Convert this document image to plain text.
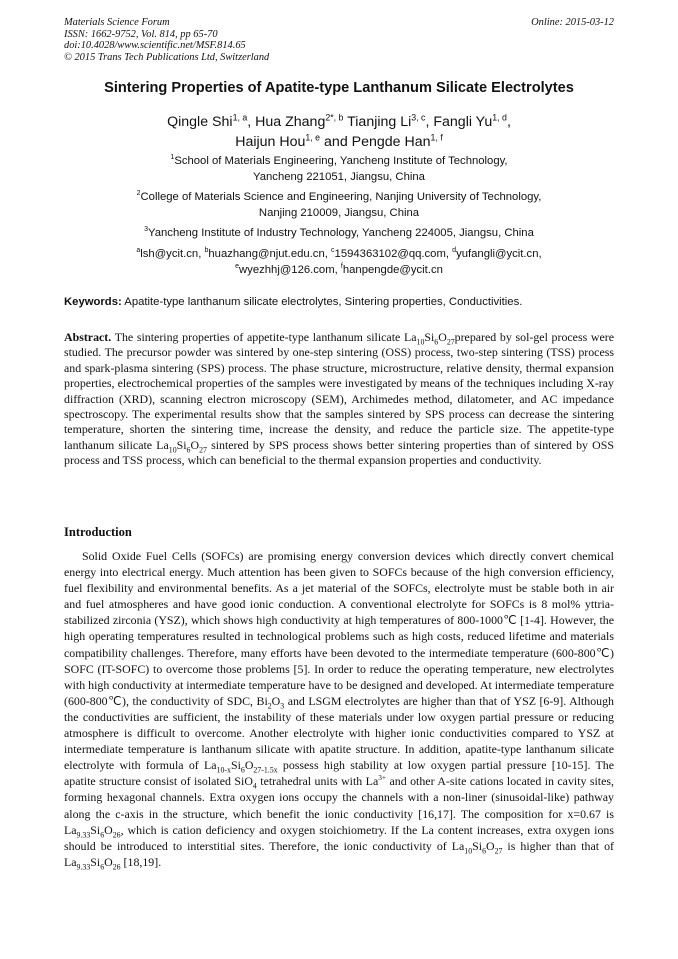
Materials Science Forum
ISSN: 1662-9752, Vol. 814, pp 65-70
doi:10.4028/www.scientific.net/MSF.814.65
© 2015 Trans Tech Publications Ltd, Switzerland
Online: 2015-03-12
Sintering Properties of Apatite-type Lanthanum Silicate Electrolytes
Qingle Shi$^{1, a}$, Hua Zhang$^{2*, b}$ Tianjing Li$^{3, c}$, Fangli Yu$^{1, d}$,
Haijun Hou$^{1, e}$ and Pengde Han$^{1, f}$
$^1$School of Materials Engineering, Yancheng Institute of Technology,
Yancheng 221051, Jiangsu, China
$^2$College of Materials Science and Engineering, Nanjing University of Technology,
Nanjing 210009, Jiangsu, China
$^3$Yancheng Institute of Industry Technology, Yancheng 224005, Jiangsu, China
$^a$lsh@ycit.cn, $^b$huazhang@njut.edu.cn, $^c$1594363102@qq.com, $^d$yufangli@ycit.cn,
$^e$wyezhhj@126.com, $^f$hanpengde@ycit.cn
Keywords: Apatite-type lanthanum silicate electrolytes, Sintering properties, Conductivities.
Abstract. The sintering properties of appetite-type lanthanum silicate $La_{10}Si_6O_{27}prepared$ by sol-gel process were studied. The precursor powder was sintered by one-step sintering (OSS) process, two-step sintering (TSS) process and spark-plasma sintering (SPS) process. The phase structure, microstructure, relative density, thermal expansion properties, electrochemical properties of the samples were investigated by means of the techniques including X-ray diffraction (XRD), scanning electron microscopy (SEM), Archimedes method, dilatometer, and AC impedance spectroscopy. The experimental results show that the samples sintered by SPS process can decrease the sintering temperature, shorten the sintering time, increase the density, and reduce the particle size. The appetite-type lanthanum silicate $La_{10}Si_6O_{27}$ sintered by SPS process shows better sintering properties than of sintered by OSS process and TSS process, which can beneficial to the thermal expansion properties and conductivity.
Introduction
Solid Oxide Fuel Cells (SOFCs) are promising energy conversion devices which directly convert chemical energy into electrical energy. Much attention has been given to SOFCs because of the high conversion efficiency, fuel flexibility and environmental benefits. As a jet material of the SOFCs, electrolyte must be stable both in air and fuel atmospheres and have good ionic conduction. A conventional electrolyte for SOFCs is 8 mol% yttria-stabilized zirconia (YSZ), which shows high conductivity at high temperatures of 800-1000℃ [1-4]. However, the high operating temperatures resulted in technological problems such as high costs, reduced lifetime and materials compatibility challenges. Therefore, many efforts have been devoted to the intermediate temperature (600-800℃) SOFC (IT-SOFC) to overcome those problems [5]. In order to reduce the operating temperature, new electrolytes with high conductivity at intermediate temperature have to be designed and developed. At intermediate temperature (600-800℃), the conductivity of SDC, $Bi_2O_3$ and LSGM electrolytes are higher than that of YSZ [6-9]. Although the conductivities are sufficient, the instability of these materials under low oxygen partial pressure or reducing atmosphere is difficult to overcome. Another electrolyte with higher ionic conductivities compared to YSZ at intermediate temperature is lanthanum silicate with apatite structure. In addition, apatite-type lanthanum silicate electrolyte with formula of $La_{10-x}Si_6O_{27-1.5x}$ possess high stability at low oxygen partial pressure [10-15]. The apatite structure consist of isolated SiO$_4$ tetrahedral units with $La^{3+}$ and other A-site cations located in cavity sites, forming hexagonal channels. Extra oxygen ions occupy the channels with a non-liner (sinusoidal-like) pathway along the c-axis in the structure, which benefit the ionic conductivity [16,17]. The composition for x=0.67 is $La_{9.33}Si_6O_{26}$, which is cation deficiency and oxygen stoichiometry. If the La content increases, extra oxygen ions should be introduced to interstitial sites. Therefore, the ionic conductivity of $La_{10}Si_6O_{27}$ is higher than that of $La_{9.33}Si_6O_{26}$ [18,19].
